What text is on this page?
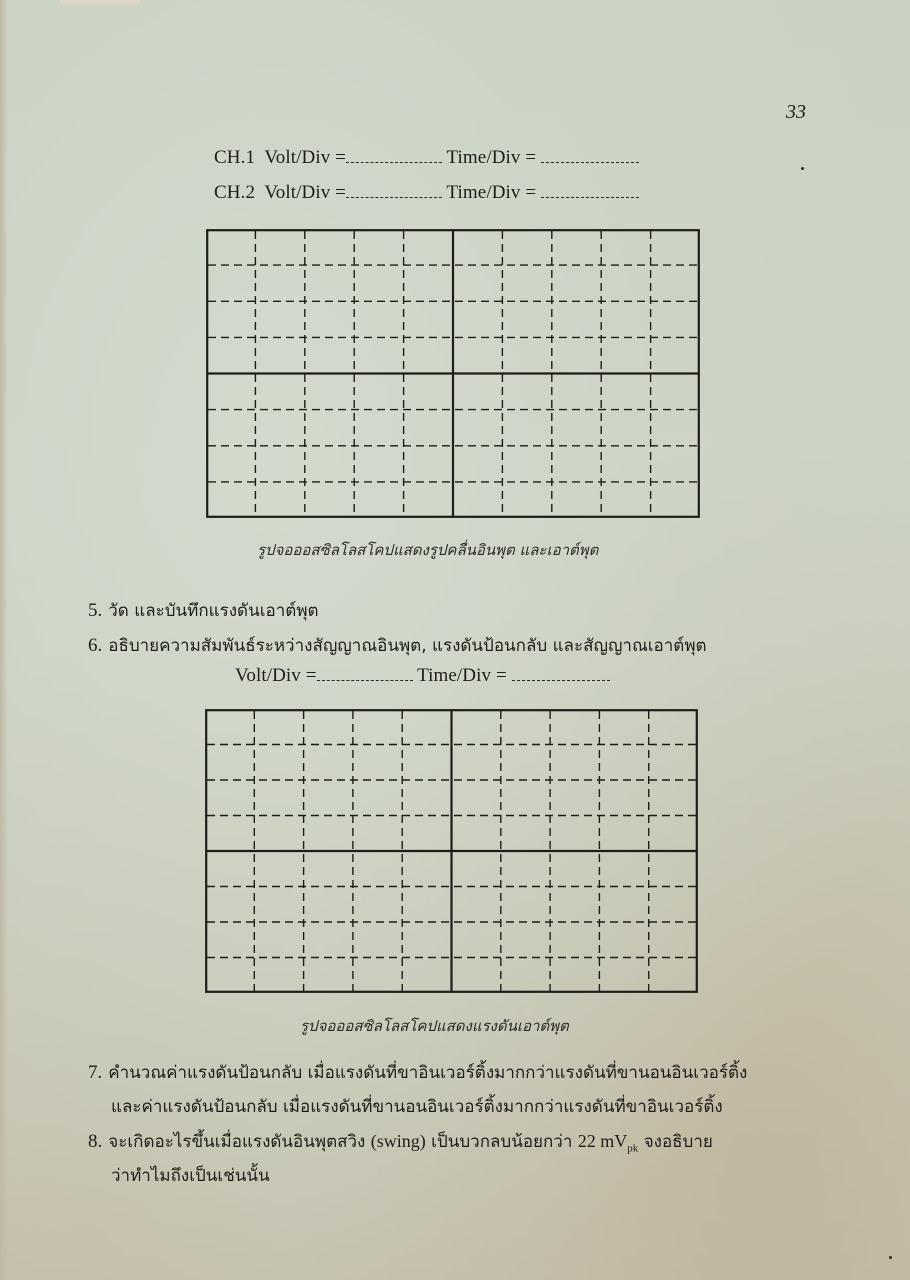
33
CH.1 Volt/Div =	Time/Div =
CH.2 Volt/Div =	Time/Div =
รูปจอออสซิลโลสโคปแสดงรูปคลื่นอินพุต และเอาต์พุต
5. วัด และบันทึกแรงดันเอาต์พุต
6. อธิบายความสัมพันธ์ระหว่างสัญญาณอินพุต, แรงดันป้อนกลับ และสัญญาณเอาต์พุต
Volt/Div =	Time/Div =
รูปจอออสซิลโลสโคปแสดงแรงดันเอาต์พุต
7. คำนวณค่าแรงดันป้อนกลับ เมื่อแรงดันที่ขาอินเวอร์ติ้งมากกว่าแรงดันที่ขานอนอินเวอร์ติ้ง
และค่าแรงดันป้อนกลับ เมื่อแรงดันที่ขานอนอินเวอร์ติ้งมากกว่าแรงดันที่ขาอินเวอร์ติ้ง
8. จะเกิดอะไรขึ้นเมื่อแรงดันอินพุตสวิง (swing) เป็นบวกลบน้อยกว่า 22 $mV_{pk}$ จงอธิบาย
ว่าทำไมถึงเป็นเช่นนั้น
